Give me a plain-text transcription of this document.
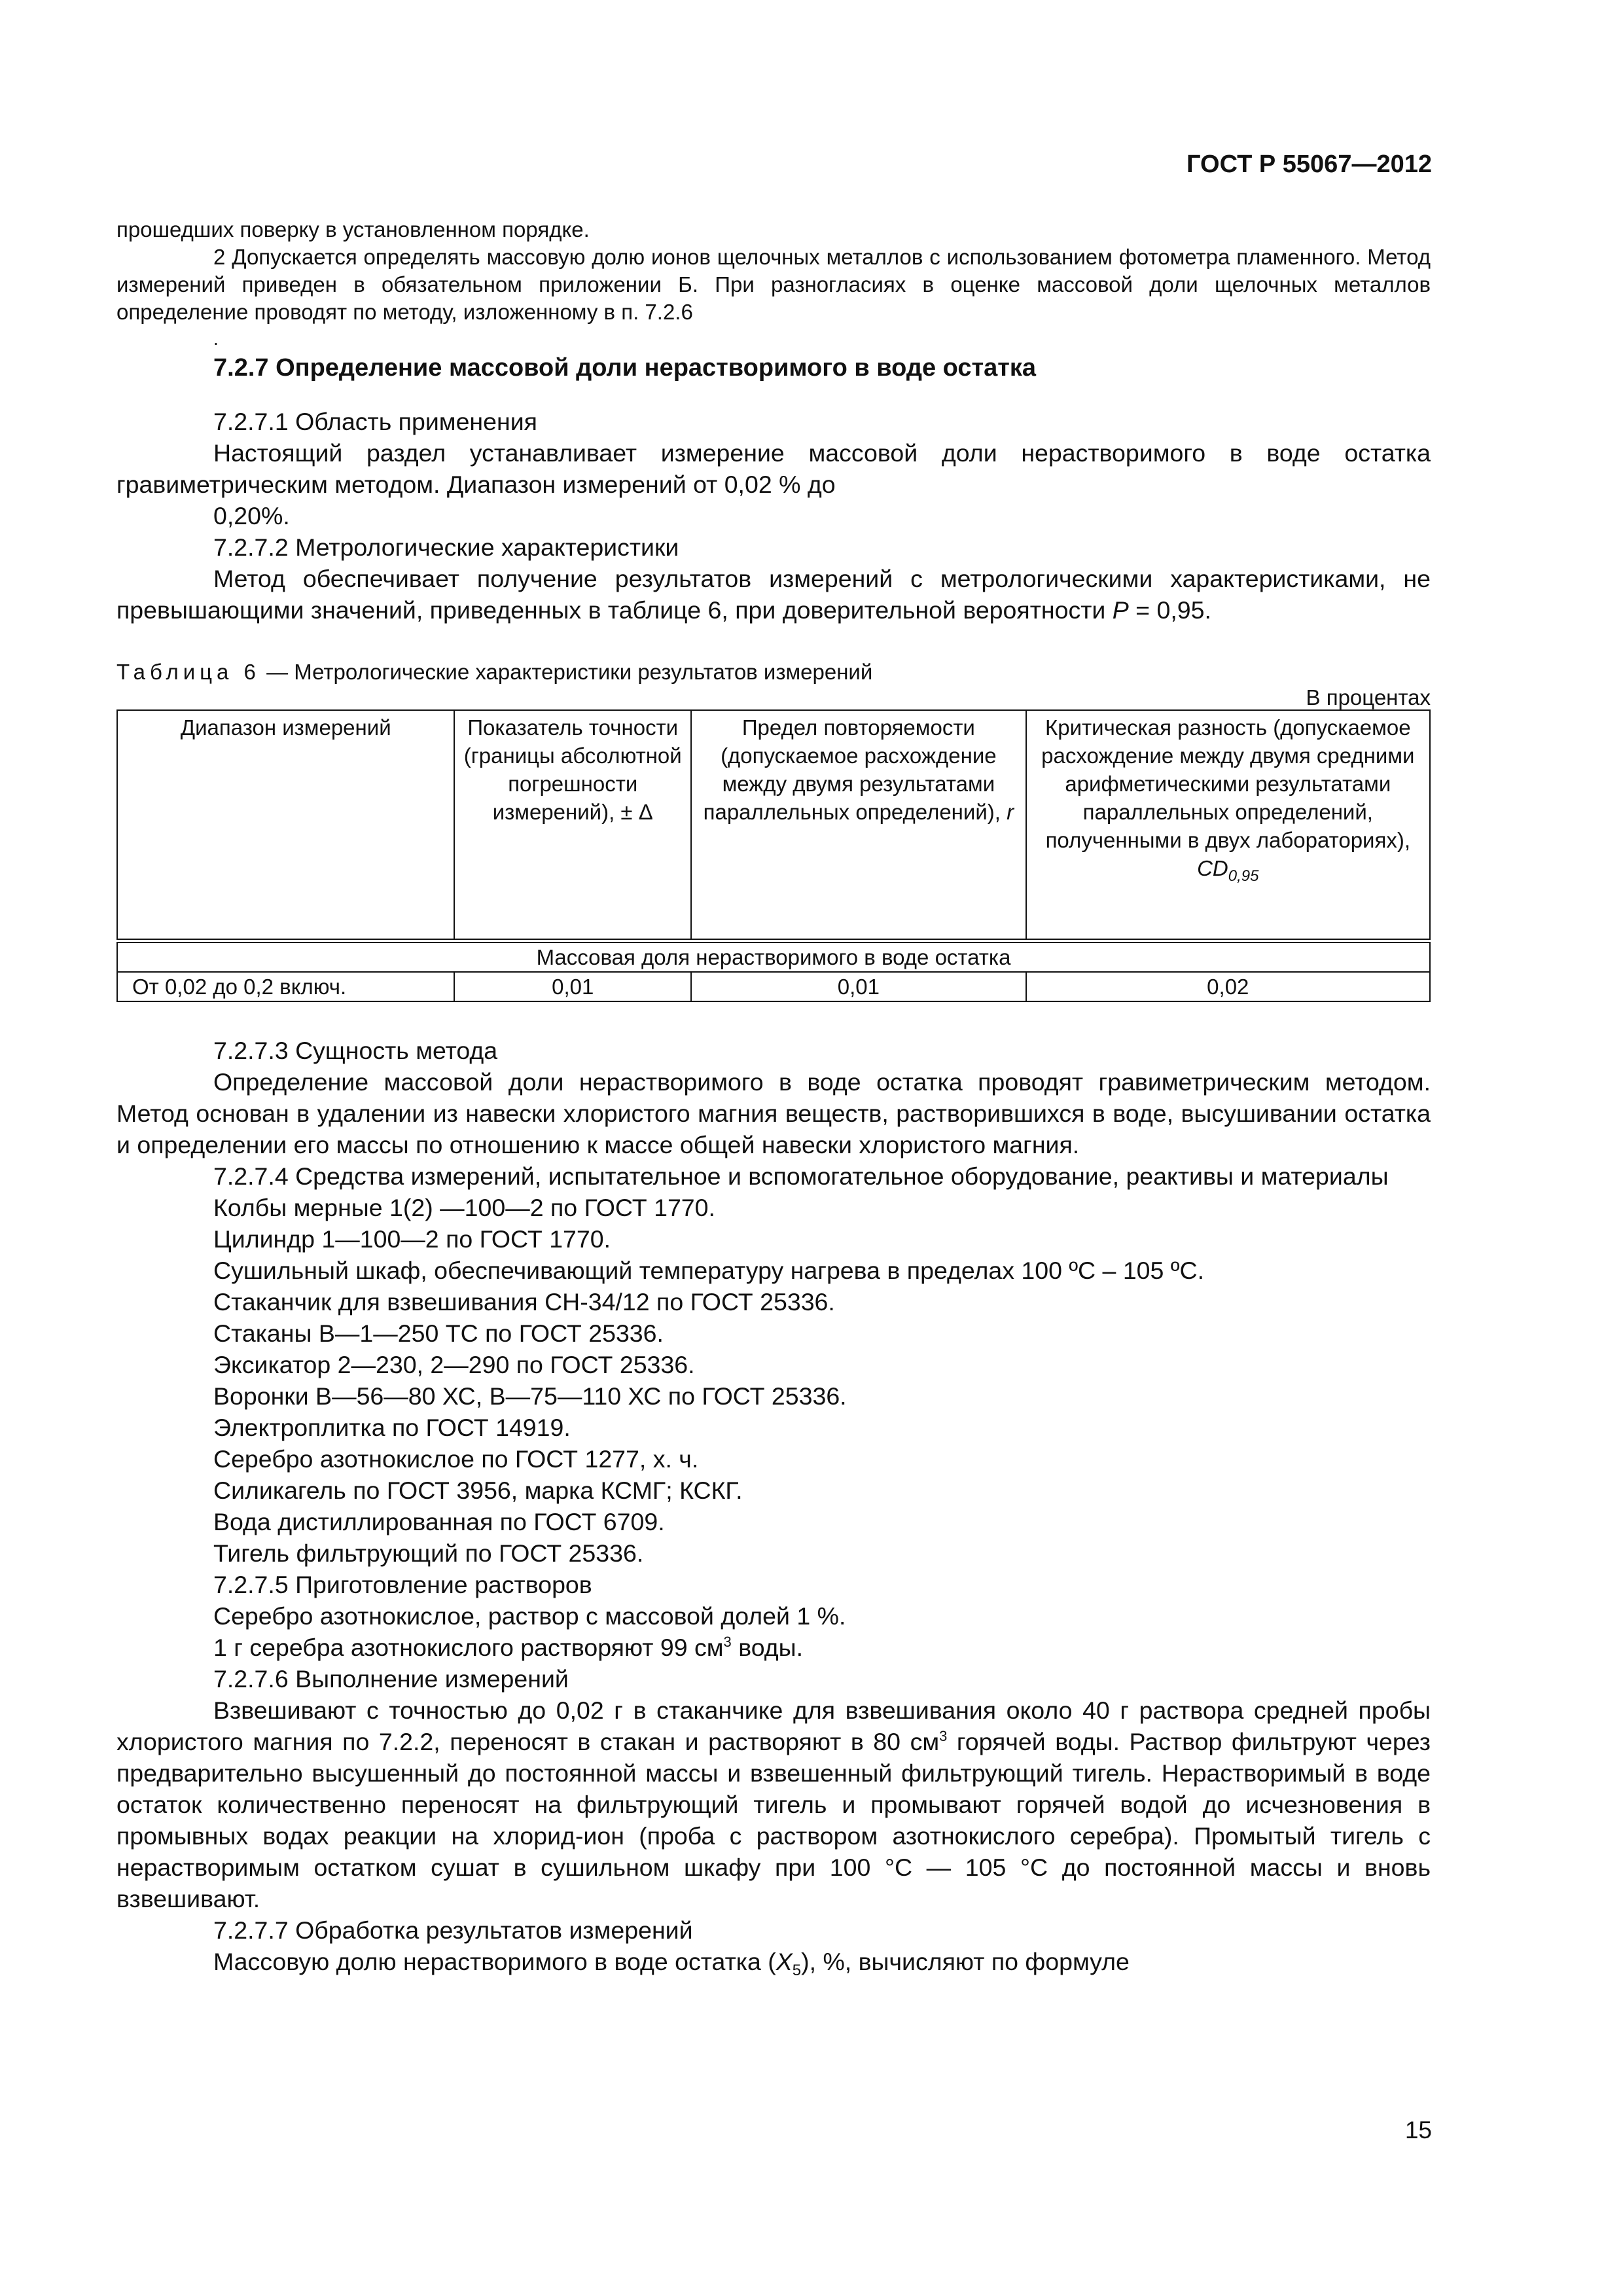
ГОСТ Р 55067—2012

прошедших поверку в установленном порядке.

2 Допускается определять массовую долю ионов щелочных металлов с использованием фотометра пламенного. Метод измерений приведен в обязательном приложении Б. При разногласиях в оценке массовой доли щелочных металлов определение проводят по методу, изложенному в п. 7.2.6

.

7.2.7 Определение массовой доли нерастворимого в воде остатка

7.2.7.1 Область применения

Настоящий раздел устанавливает измерение массовой доли нерастворимого в воде остатка гравиметрическим методом. Диапазон измерений от 0,02 % до

0,20%.

7.2.7.2 Метрологические характеристики

Метод обеспечивает получение результатов измерений с метрологическими характеристиками, не превышающими значений, приведенных в таблице 6, при доверительной вероятности P = 0,95.

Таблица 6 — Метрологические характеристики результатов измерений
В процентах
Диапазон измерений	Показатель точности (границы абсолютной погрешности измерений), ± Δ	Предел повторяемости (допускаемое расхождение между двумя результатами параллельных определений), r	Критическая разность (допускаемое расхождение между двумя средними арифметическими результатами параллельных определений, полученными в двух лабораториях),
$CD_{0,95}$
Массовая доля нерастворимого в воде остатка			
От 0,02 до 0,2 включ.	0,01	0,01	0,02

7.2.7.3 Сущность метода

Определение массовой доли нерастворимого в воде остатка проводят гравиметрическим методом. Метод основан в удалении из навески хлористого магния веществ, растворившихся в воде, высушивании остатка и определении его массы по отношению к массе общей навески хлористого магния.

7.2.7.4 Средства измерений, испытательное и вспомогательное оборудование, реактивы и материалы

Колбы мерные 1(2) —100—2 по ГОСТ 1770.

Цилиндр 1—100—2 по ГОСТ 1770.

Сушильный шкаф, обеспечивающий температуру нагрева в пределах 100 ºС – 105 ºС.

Стаканчик для взвешивания СН-34/12 по ГОСТ 25336.

Стаканы В—1—250 ТС по ГОСТ 25336.

Эксикатор 2—230, 2—290 по ГОСТ 25336.

Воронки В—56—80 ХС, В—75—110 ХС по ГОСТ 25336.

Электроплитка по ГОСТ 14919.

Серебро азотнокислое по ГОСТ 1277, х. ч.

Силикагель по ГОСТ 3956, марка КСМГ; КСКГ.

Вода дистиллированная по ГОСТ 6709.

Тигель фильтрующий по ГОСТ 25336.

7.2.7.5 Приготовление растворов

Серебро азотнокислое, раствор с массовой долей 1 %.

1 г серебра азотнокислого растворяют 99 $см^3$ воды.

7.2.7.6 Выполнение измерений

Взвешивают с точностью до 0,02 г в стаканчике для взвешивания около 40 г раствора средней пробы хлористого магния по 7.2.2, переносят в стакан и растворяют в 80 $см^3$ горячей воды. Раствор фильтруют через предварительно высушенный до постоянной массы и взвешенный фильтрующий тигель. Нерастворимый в воде остаток количественно переносят на фильтрующий тигель и промывают горячей водой до исчезновения в промывных водах реакции на хлорид-ион (проба с раствором азотнокислого серебра). Промытый тигель с нерастворимым остатком сушат в сушильном шкафу при 100 °С — 105 °С до постоянной массы и вновь взвешивают.

7.2.7.7 Обработка результатов измерений

Массовую долю нерастворимого в воде остатка $(X_5)$, %, вычисляют по формуле

15
